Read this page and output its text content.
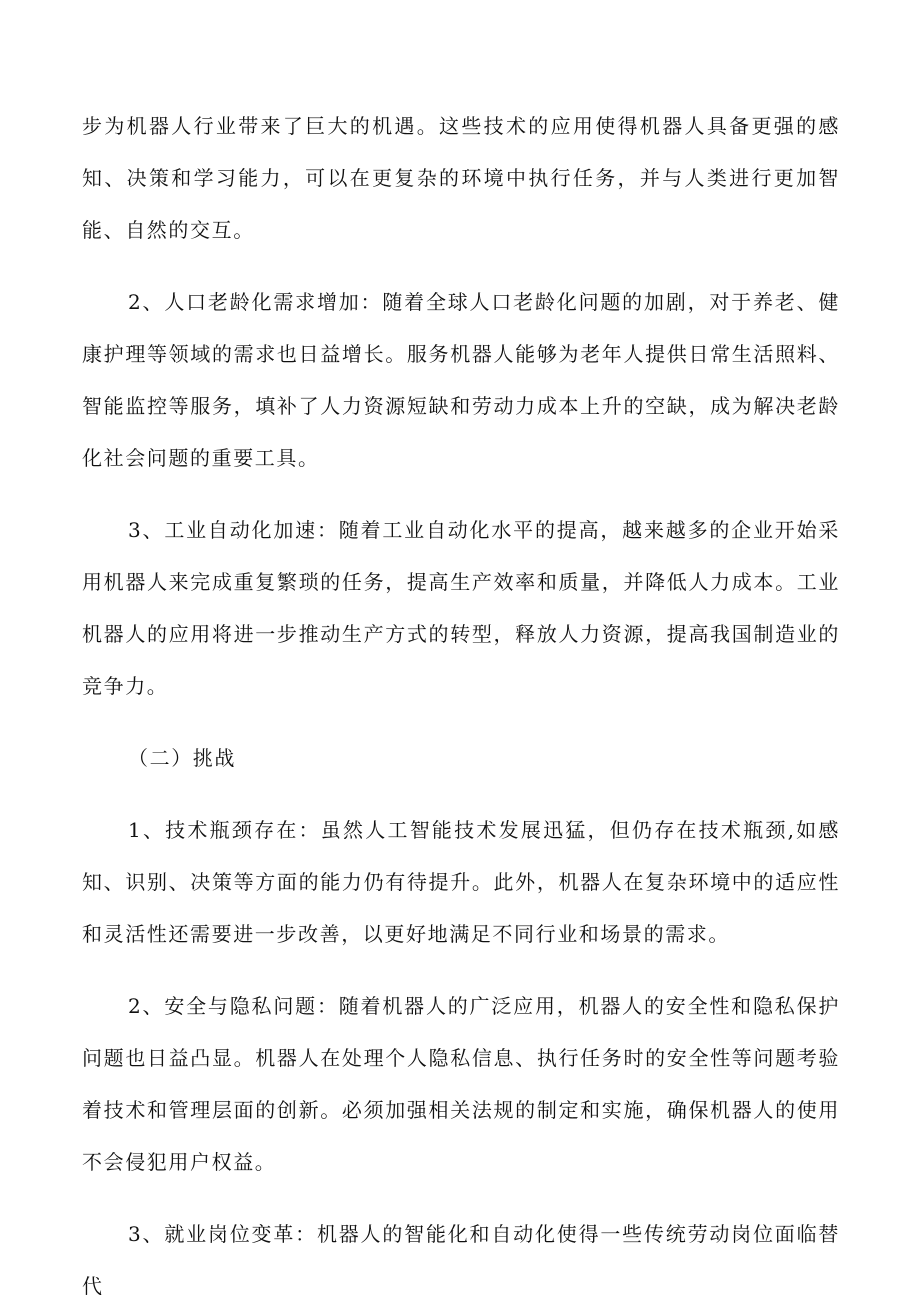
步为机器人行业带来了巨大的机遇。这些技术的应用使得机器人具备更强的感知、决策和学习能力，可以在更复杂的环境中执行任务，并与人类进行更加智能、自然的交互。

2、人口老龄化需求增加：随着全球人口老龄化问题的加剧，对于养老、健康护理等领域的需求也日益增长。服务机器人能够为老年人提供日常生活照料、智能监控等服务，填补了人力资源短缺和劳动力成本上升的空缺，成为解决老龄化社会问题的重要工具。

3、工业自动化加速：随着工业自动化水平的提高，越来越多的企业开始采用机器人来完成重复繁琐的任务，提高生产效率和质量，并降低人力成本。工业机器人的应用将进一步推动生产方式的转型，释放人力资源，提高我国制造业的竞争力。

（二）挑战

1、技术瓶颈存在：虽然人工智能技术发展迅猛，但仍存在技术瓶颈,如感知、识别、决策等方面的能力仍有待提升。此外，机器人在复杂环境中的适应性和灵活性还需要进一步改善，以更好地满足不同行业和场景的需求。

2、安全与隐私问题：随着机器人的广泛应用，机器人的安全性和隐私保护问题也日益凸显。机器人在处理个人隐私信息、执行任务时的安全性等问题考验着技术和管理层面的创新。必须加强相关法规的制定和实施，确保机器人的使用不会侵犯用户权益。

3、就业岗位变革：机器人的智能化和自动化使得一些传统劳动岗位面临替代
